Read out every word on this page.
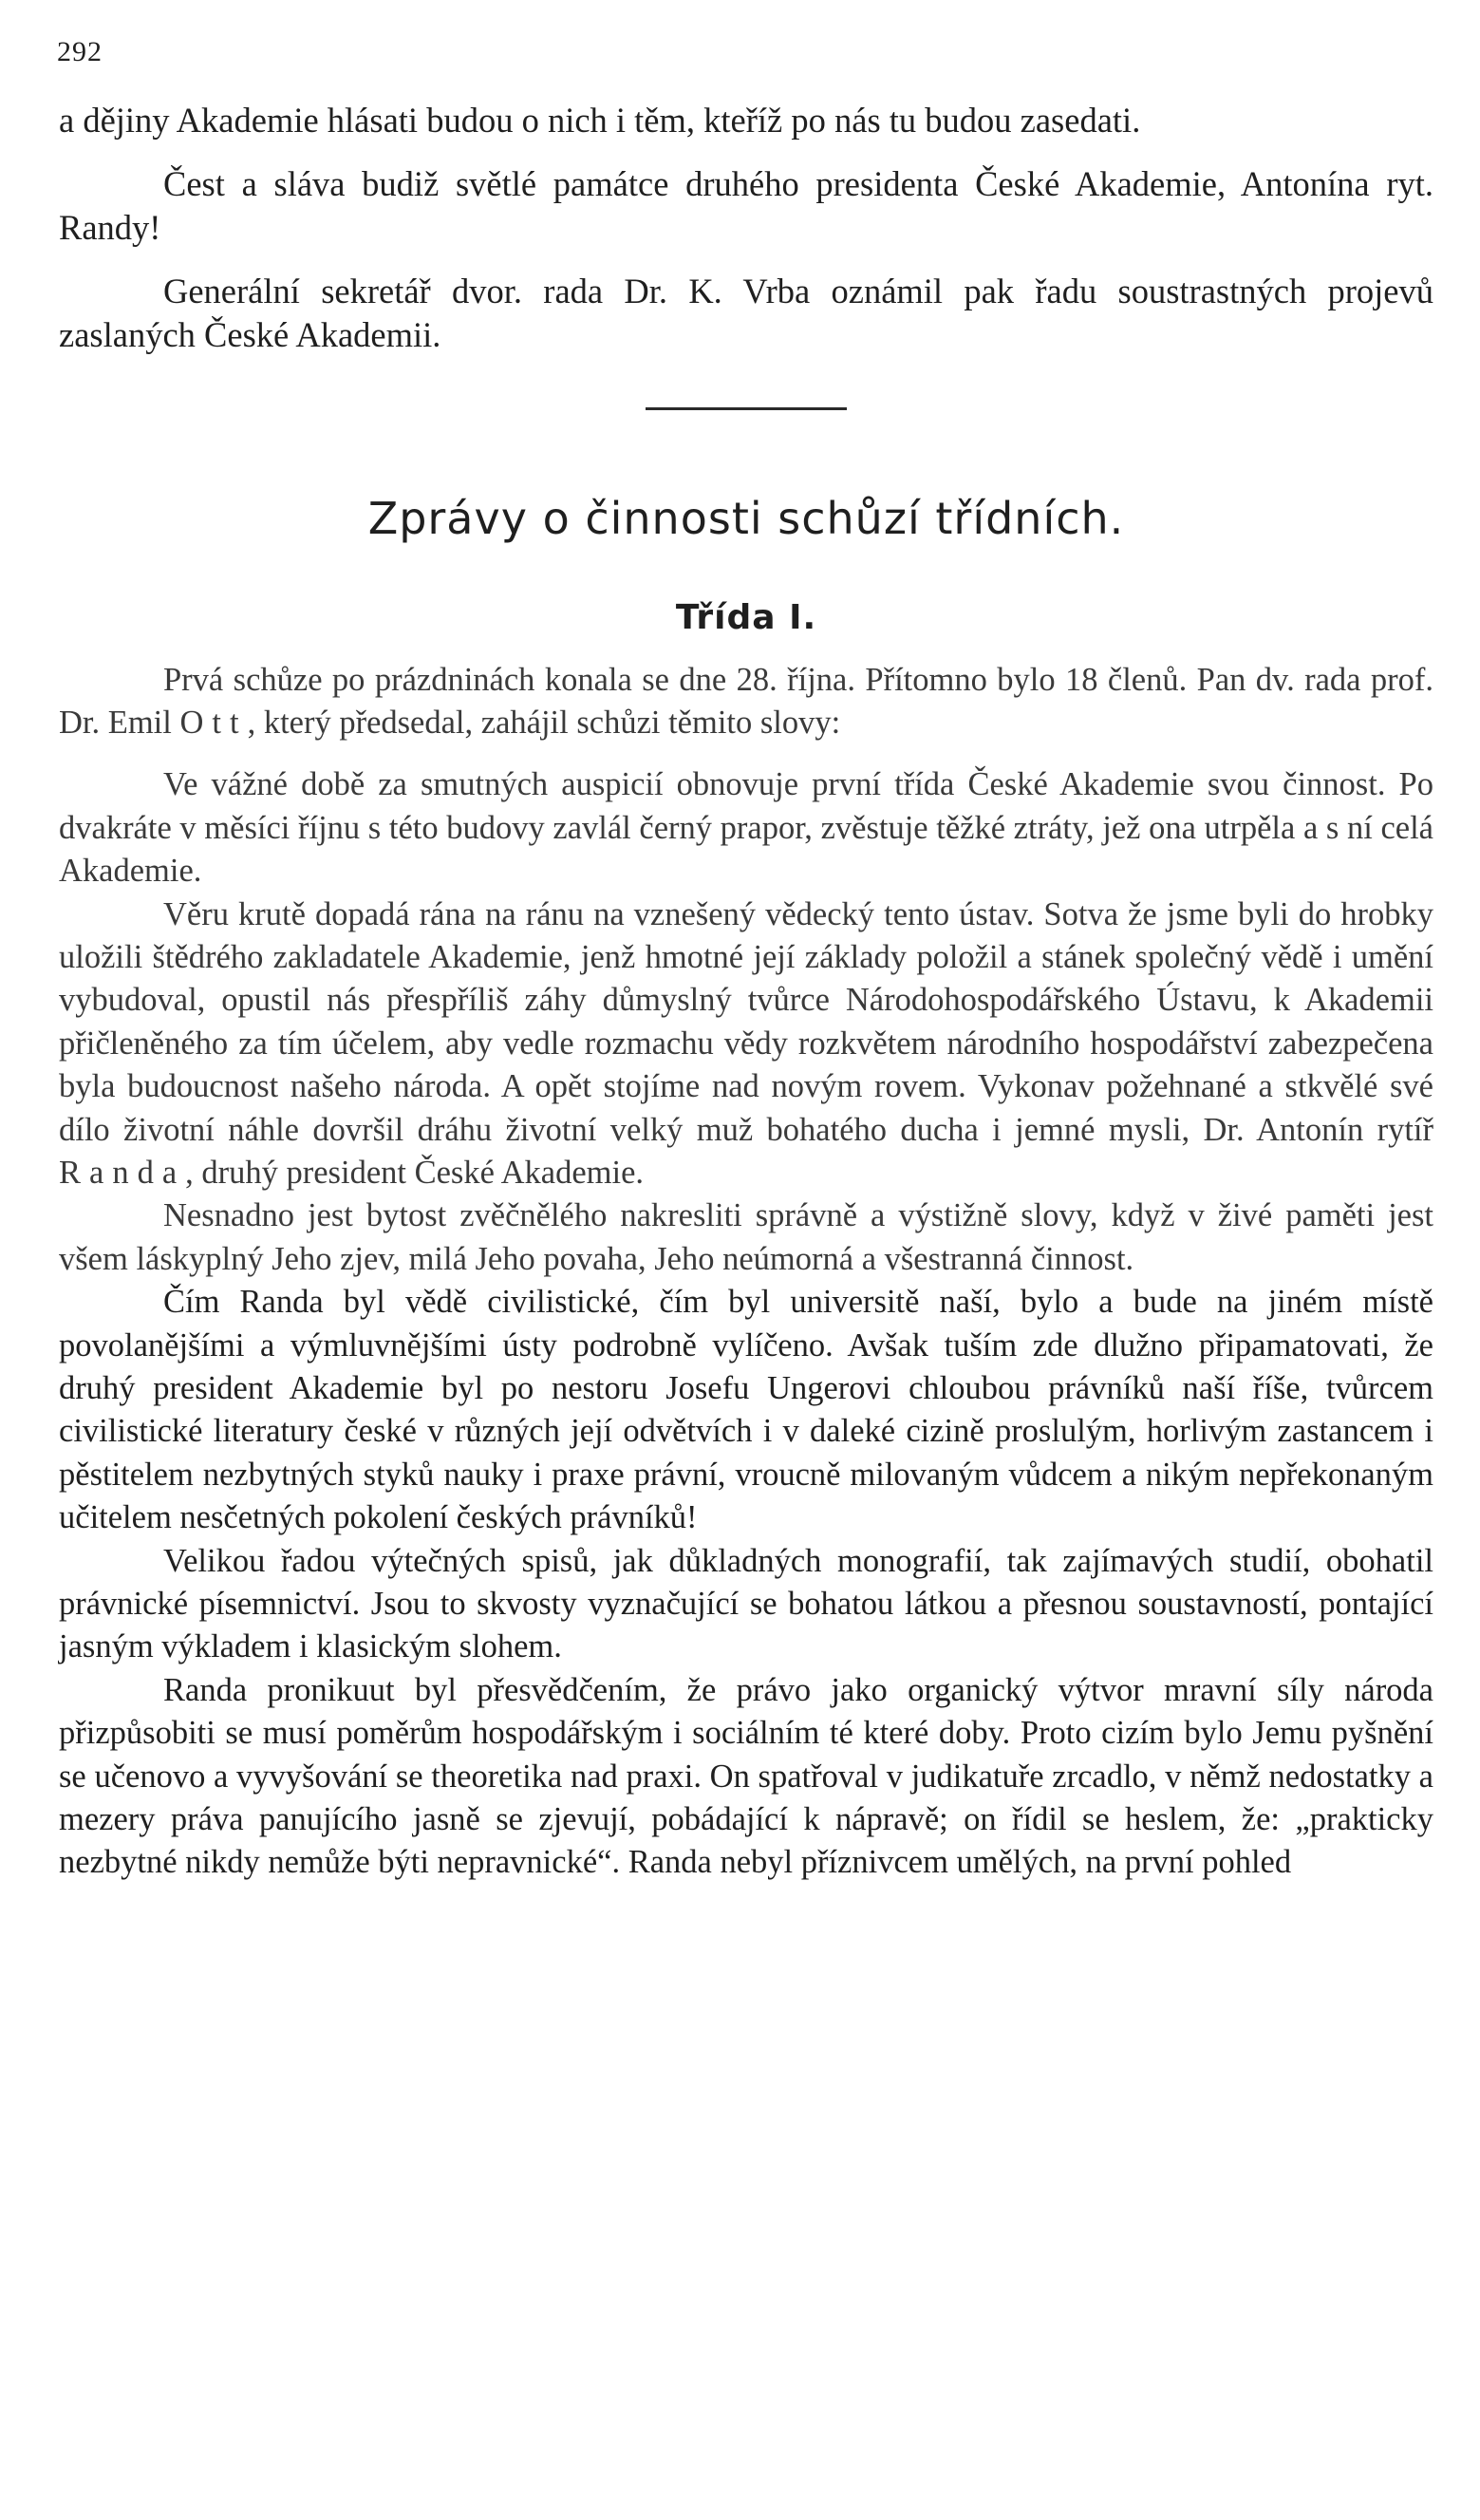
292

a dějiny Akademie hlásati budou o nich i těm, kteříž po nás tu budou zasedati.

Čest a sláva budiž světlé památce druhého presidenta České Akademie, Antonína ryt. Randy!

Generální sekretář dvor. rada Dr. K. Vrba oznámil pak řadu soustrastných projevů zaslaných České Akademii.

Zprávy o činnosti schůzí třídních.
Třída I.

Prvá schůze po prázdninách konala se dne 28. října. Přítomno bylo 18 členů. Pan dv. rada prof. Dr. Emil Ott, který předsedal, zahájil schůzi těmito slovy:

Ve vážné době za smutných auspicií obnovuje první třída České Akademie svou činnost. Po dvakráte v měsíci říjnu s této budovy zavlál černý prapor, zvěstuje těžké ztráty, jež ona utrpěla a s ní celá Akademie.

Věru krutě dopadá rána na ránu na vznešený vědecký tento ústav. Sotva že jsme byli do hrobky uložili štědrého zakladatele Akademie, jenž hmotné její základy položil a stánek společný vědě i umění vybudoval, opustil nás přespříliš záhy důmyslný tvůrce Národohospodářského Ústavu, k Akademii přičleněného za tím účelem, aby vedle rozmachu vědy rozkvětem národního hospodářství zabezpečena byla budoucnost našeho národa. A opět stojíme nad novým rovem. Vykonav požehnané a stkvělé své dílo životní náhle dovršil dráhu životní velký muž bohatého ducha i jemné mysli, Dr. Antonín rytíř Randa, druhý president České Akademie.

Nesnadno jest bytost zvěčnělého nakresliti správně a výstižně slovy, když v živé paměti jest všem láskyplný Jeho zjev, milá Jeho povaha, Jeho neúmorná a všestranná činnost.

Čím Randa byl vědě civilistické, čím byl universitě naší, bylo a bude na jiném místě povolanějšími a výmluvnějšími ústy podrobně vylíčeno. Avšak tuším zde dlužno připamatovati, že druhý president Akademie byl po nestoru Josefu Ungerovi chloubou právníků naší říše, tvůrcem civilistické literatury české v různých její odvětvích i v daleké cizině proslulým, horlivým zastancem i pěstitelem nezbytných styků nauky i praxe právní, vroucně milovaným vůdcem a nikým nepřekonaným učitelem nesčetných pokolení českých právníků!

Velikou řadou výtečných spisů, jak důkladných monografií, tak zajímavých studií, obohatil právnické písemnictví. Jsou to skvosty vyznačující se bohatou látkou a přesnou soustavností, pontající jasným výkladem i klasickým slohem.

Randa pronikuut byl přesvědčením, že právo jako organický výtvor mravní síly národa přizpůsobiti se musí poměrům hospodářským i sociálním té které doby. Proto cizím bylo Jemu pyšnění se učenovo a vyvyšování se theoretika nad praxi. On spatřoval v judikatuře zrcadlo, v němž nedostatky a mezery práva panujícího jasně se zjevují, pobádající k nápravě; on řídil se heslem, že: „prakticky nezbytné nikdy nemůže býti nepravnické“. Randa nebyl příznivcem umělých, na první pohled
